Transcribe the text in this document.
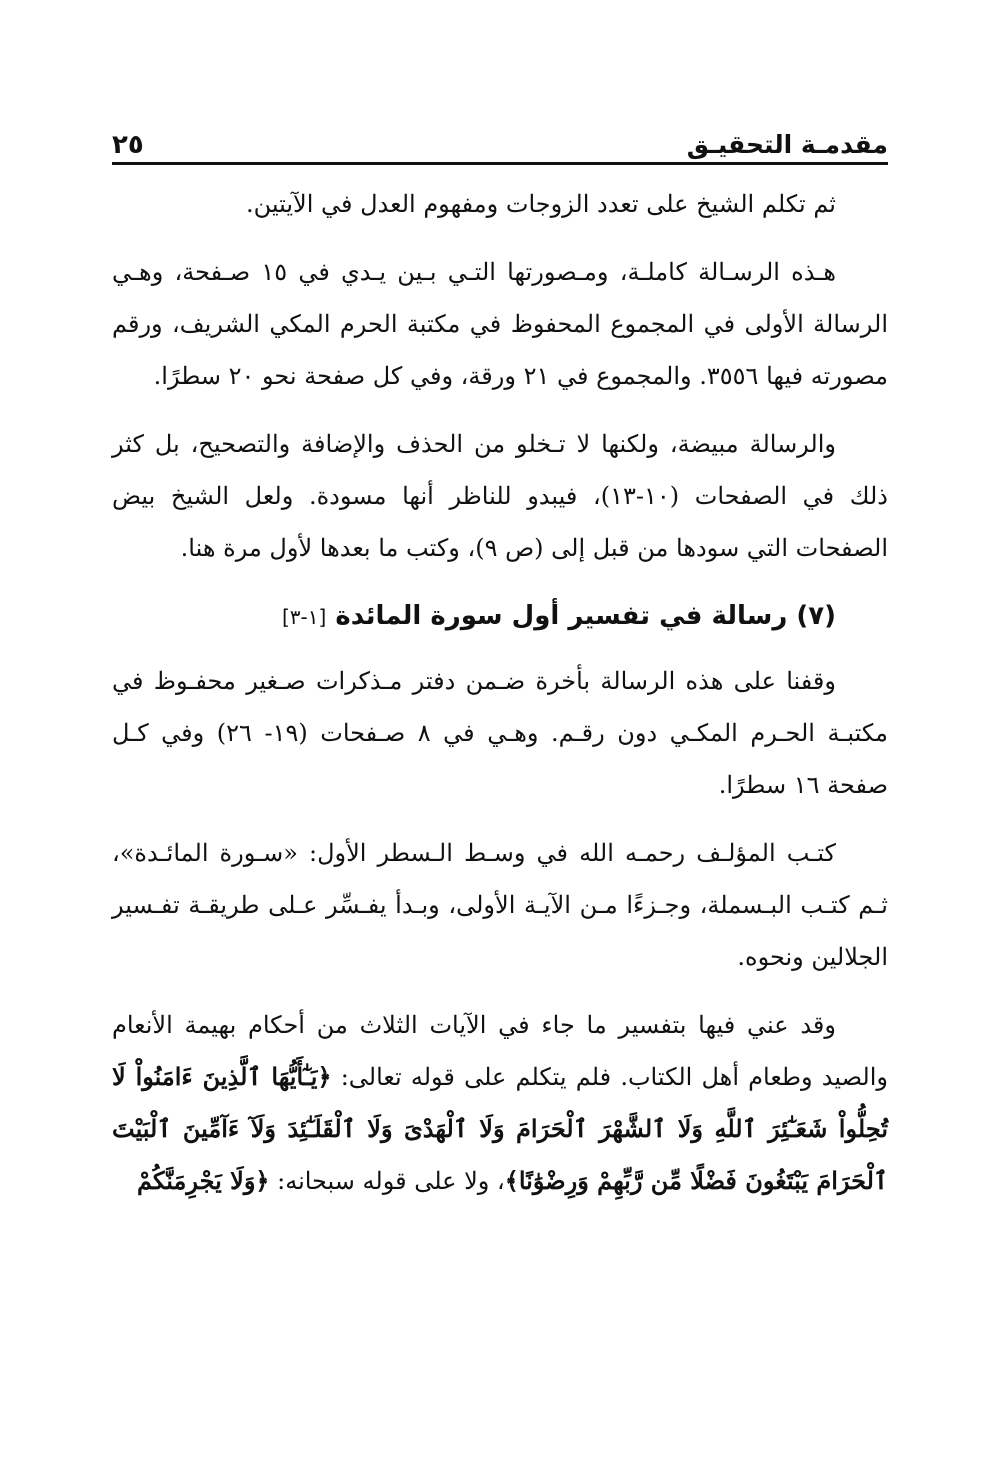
مقدمـة التحقيـق
٢٥

ثم تكلم الشيخ على تعدد الزوجات ومفهوم العدل في الآيتين.

هـذه الرسـالة كاملـة، ومـصورتها التـي بـين يـدي في ١٥ صـفحة، وهـي الرسالة الأولى في المجموع المحفوظ في مكتبة الحرم المكي الشريف، ورقم مصورته فيها ٣٥٥٦. والمجموع في ٢١ ورقة، وفي كل صفحة نحو ٢٠ سطرًا.

والرسالة مبيضة، ولكنها لا تـخلو من الحذف والإضافة والتصحيح، بل كثر ذلك في الصفحات (١٠-١٣)، فيبدو للناظر أنها مسودة. ولعل الشيخ بيض الصفحات التي سودها من قبل إلى (ص ٩)، وكتب ما بعدها لأول مرة هنا.

(٧) رسالة في تفسير أول سورة المائدة [١-٣]

وقفنا على هذه الرسالة بأخرة ضـمن دفتر مـذكرات صـغير محفـوظ في مكتبـة الحـرم المكـي دون رقـم. وهـي في ٨ صـفحات (١٩- ٢٦) وفي كـل صفحة ١٦ سطرًا.

كتـب المؤلـف رحمـه الله في وسـط الـسطر الأول: «سـورة المائـدة»، ثـم كتـب البـسملة، وجـزءًا مـن الآيـة الأولى، وبـدأ يفـسِّر عـلى طريقـة تفـسير الجلالين ونحوه.

وقد عني فيها بتفسير ما جاء في الآيات الثلاث من أحكام بهيمة الأنعام والصيد وطعام أهل الكتاب. فلم يتكلم على قوله تعالى: ﴿يَـٰٓأَيُّهَا ٱلَّذِينَ ءَامَنُواْ لَا تُحِلُّواْ شَعَـٰٓئِرَ ٱللَّهِ وَلَا ٱلشَّهْرَ ٱلْحَرَامَ وَلَا ٱلْهَدْىَ وَلَا ٱلْقَلَـٰٓئِدَ وَلَآ ءَآمِّينَ ٱلْبَيْتَ ٱلْحَرَامَ يَبْتَغُونَ فَضْلًا مِّن رَّبِّهِمْ وَرِضْوَٰنًا﴾، ولا على قوله سبحانه: ﴿وَلَا يَجْرِمَنَّكُمْ
